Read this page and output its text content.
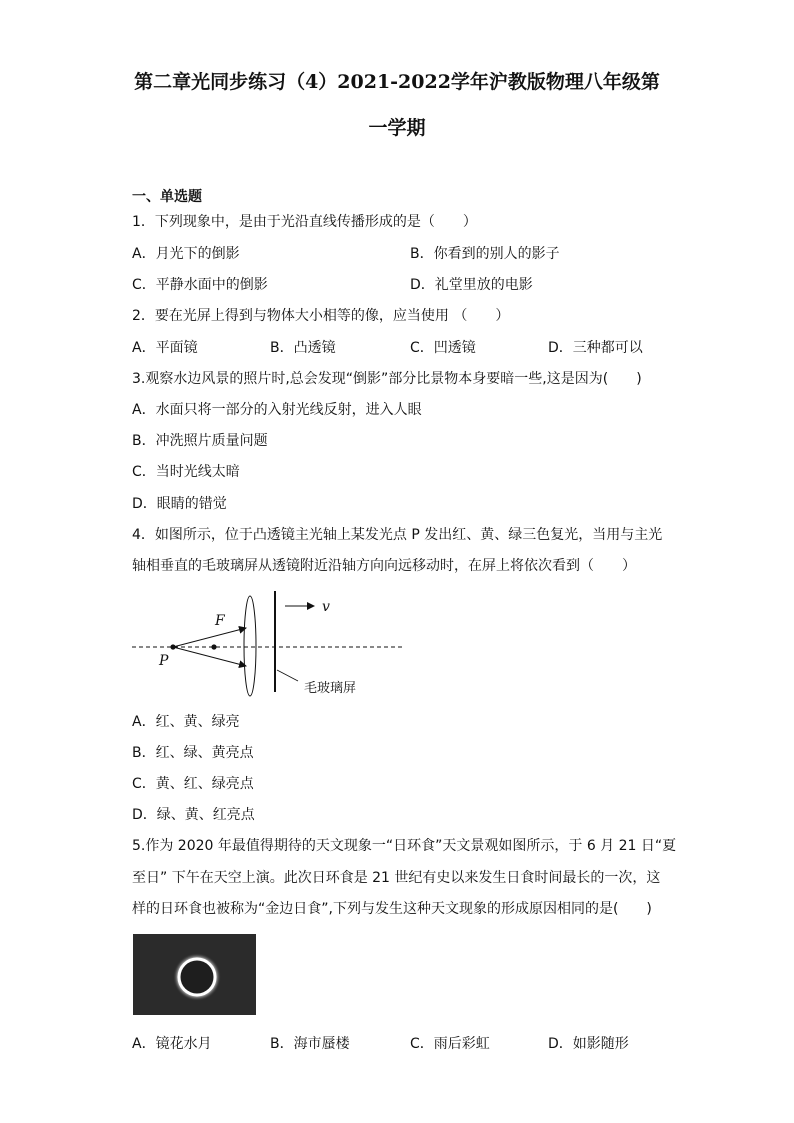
第二章光同步练习（4）2021-2022学年沪教版物理八年级第
一学期
一、单选题
1．下列现象中，是由于光沿直线传播形成的是（　　）
A．月光下的倒影	B．你看到的别人的影子
C．平静水面中的倒影	D．礼堂里放的电影
2．要在光屏上得到与物体大小相等的像，应当使用 （　　）
A．平面镜	B．凸透镜	C．凹透镜	D．三种都可以
3.观察水边风景的照片时,总会发现“倒影”部分比景物本身要暗一些,这是因为(　　)
A．水面只将一部分的入射光线反射，进入人眼
B．冲洗照片质量问题
C．当时光线太暗
D．眼睛的错觉
4．如图所示，位于凸透镜主光轴上某发光点 P 发出红、黄、绿三色复光，当用与主光
轴相垂直的毛玻璃屏从透镜附近沿轴方向向远移动时，在屏上将依次看到（　　）
F
P
v
毛玻璃屏
A．红、黄、绿亮
B．红、绿、黄亮点
C．黄、红、绿亮点
D．绿、黄、红亮点
5.作为 2020 年最值得期待的天文现象一“日环食”天文景观如图所示，于 6 月 21 日“夏
至日” 下午在天空上演。此次日环食是 21 世纪有史以来发生日食时间最长的一次，这
样的日环食也被称为“金边日食”,下列与发生这种天文现象的形成原因相同的是(　　)
A．镜花水月	B．海市蜃楼	C．雨后彩虹	D．如影随形
